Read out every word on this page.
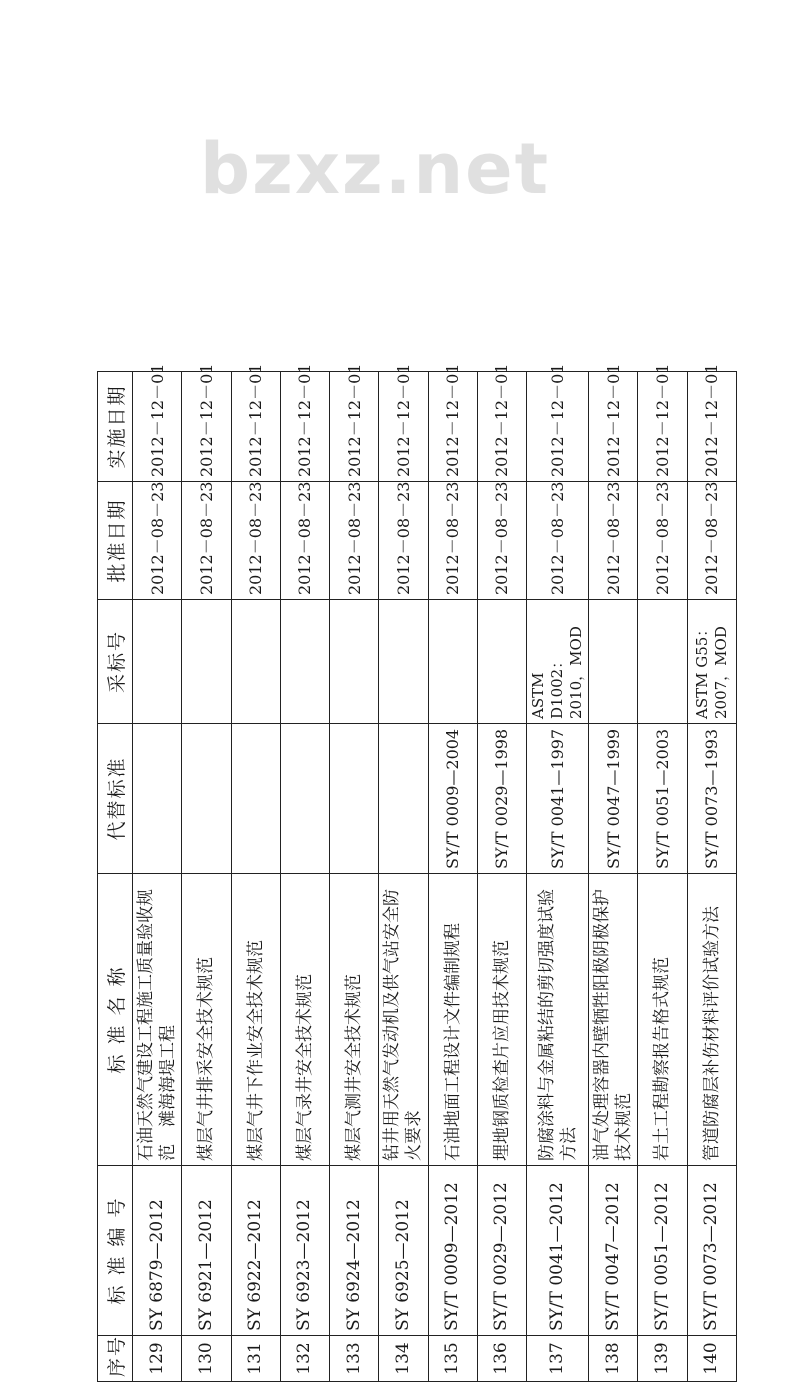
bzxz.net
序号	标 准 编 号	标 准 名 称	代替标准	采标号	批准日期	实施日期
129	SY 6879—2012	石油天然气建设工程施工质量验收规范　滩海海堤工程			2012－08－23	2012－12－01
130	SY 6921—2012	煤层气井排采安全技术规范			2012－08－23	2012－12－01
131	SY 6922—2012	煤层气井下作业安全技术规范			2012－08－23	2012－12－01
132	SY 6923—2012	煤层气录井安全技术规范			2012－08－23	2012－12－01
133	SY 6924—2012	煤层气测井安全技术规范			2012－08－23	2012－12－01
134	SY 6925—2012	钻井用天然气发动机及供气站安全防火要求			2012－08－23	2012－12－01
135	SY/T 0009—2012	石油地面工程设计文件编制规程	SY/T 0009—2004		2012－08－23	2012－12－01
136	SY/T 0029—2012	埋地钢质检查片应用技术规范	SY/T 0029—1998		2012－08－23	2012－12－01
137	SY/T 0041—2012	防腐涂料与金属粘结的剪切强度试验方法	SY/T 0041—1997	ASTM D1002：2010，MOD	2012－08－23	2012－12－01
138	SY/T 0047—2012	油气处理容器内壁牺牲阳极阴极保护技术规范	SY/T 0047—1999		2012－08－23	2012－12－01
139	SY/T 0051—2012	岩土工程勘察报告格式规范	SY/T 0051—2003		2012－08－23	2012－12－01
140	SY/T 0073—2012	管道防腐层补伤材料评价试验方法	SY/T 0073—1993	ASTM G55：2007，MOD	2012－08－23	2012－12－01
